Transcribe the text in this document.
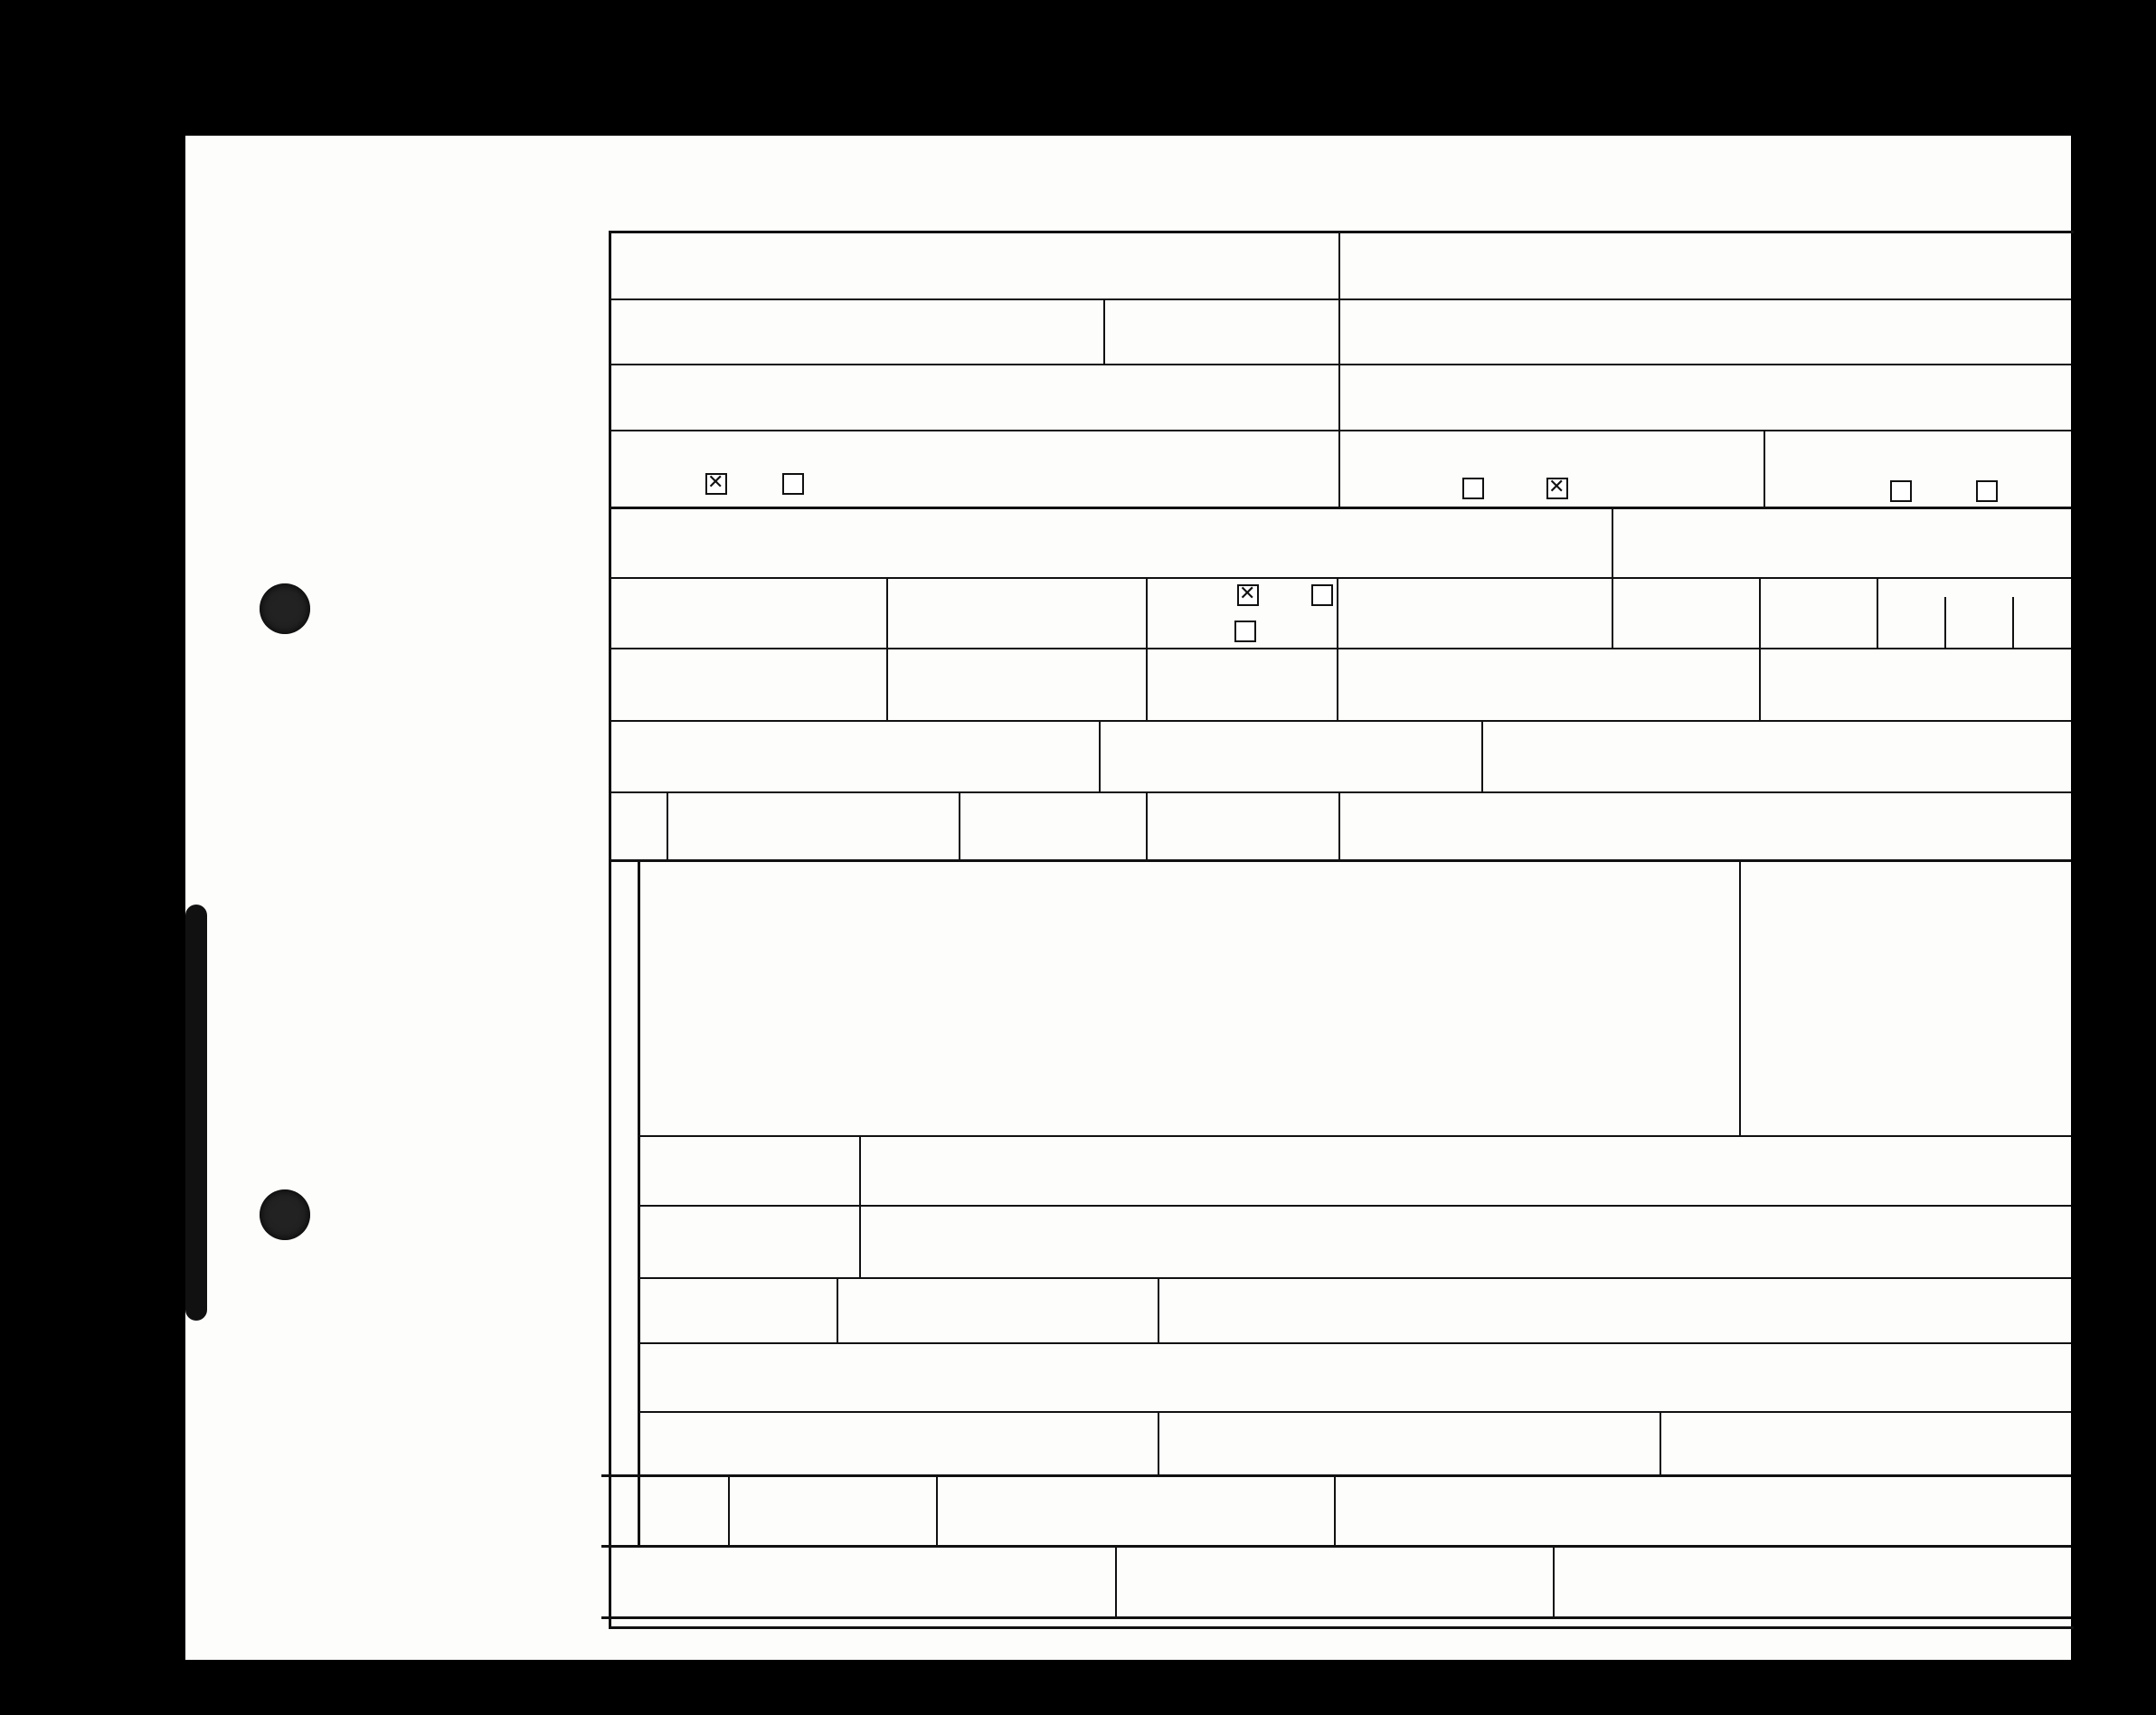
✕
✕
✕
